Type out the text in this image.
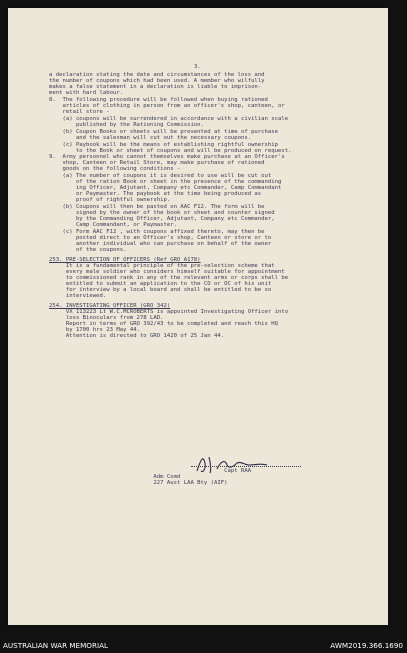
3.
a declaration stating the date and circumstances of the loss and
the number of coupons which had been used. A member who wilfully
makes a false statement in a declaration is liable to imprison-
ment with hard labour.
8.  The following procedure will be followed when buying rationed
articles of clothing in person from an officer's shop, canteen, or
retail store -
(a) coupons will be surrendered in accordance with a civilian scale
published by the Rationing Commission.
(b) Coupon Books or sheets will be presented at time of purchase
and the salesman will cut out the necessary coupons.
(c) Paybook will be the means of establishing rightful ownership
to the Book or sheet of coupons and will be produced on request.
9.  Army personnel who cannot themselves make purchase at an Officer's
shop, Canteen or Retail Store, may make purchase of rationed
goods on the following conditions -
(a) The number of coupons it is desired to use will be cut out
of the ration Book or sheet in the presence of the commanding
ing Officer, Adjutant, Company etc Commander, Camp Commandant
or Paymaster. The paybook at the time being produced as
proof of rightful ownership.
(b) Coupons will then be pasted on AAC F12. The form will be
signed by the owner of the book or sheet and counter signed
by the Commanding Officer, Adjutant, Company etc Commander,
Camp Commandant, or Paymaster.
(c) Form AAC F12 , with coupons affixed thereto, may then be
posted direct to an Officer's shop, Canteen or store or to
another individual who can purchase on behalf of the owner
of the coupons.
253. PRE-SELECTION OF OFFICERS (Ref GRO A178)
It is a fundamental principle of the pre-selection scheme that
every male soldier who considers himself suitable for appointment
to commissioned rank in any of the relevant arms or corps shall be
entitled to submit an application to the CO or OC of his unit
for interview by a local board and shall be entitled to be so
interviewed.
254. INVESTIGATING OFFICER (GRO 342)
VX 113223 Lt W.C.MCROBERTS is appointed Investigating Officer into
loss Binoculars from 278 LAD.
Report in terms of GRO 392/43 to be completed and reach this HQ
by 1700 hrs 23 May 44.
Attention is directed to GRO 1420 of 25 Jan 44.
Capt RAA
Adm Comd
227 Aust LAA Bty (AIF)
AUSTRALIAN WAR MEMORIAL	AWM2019.366.1690
